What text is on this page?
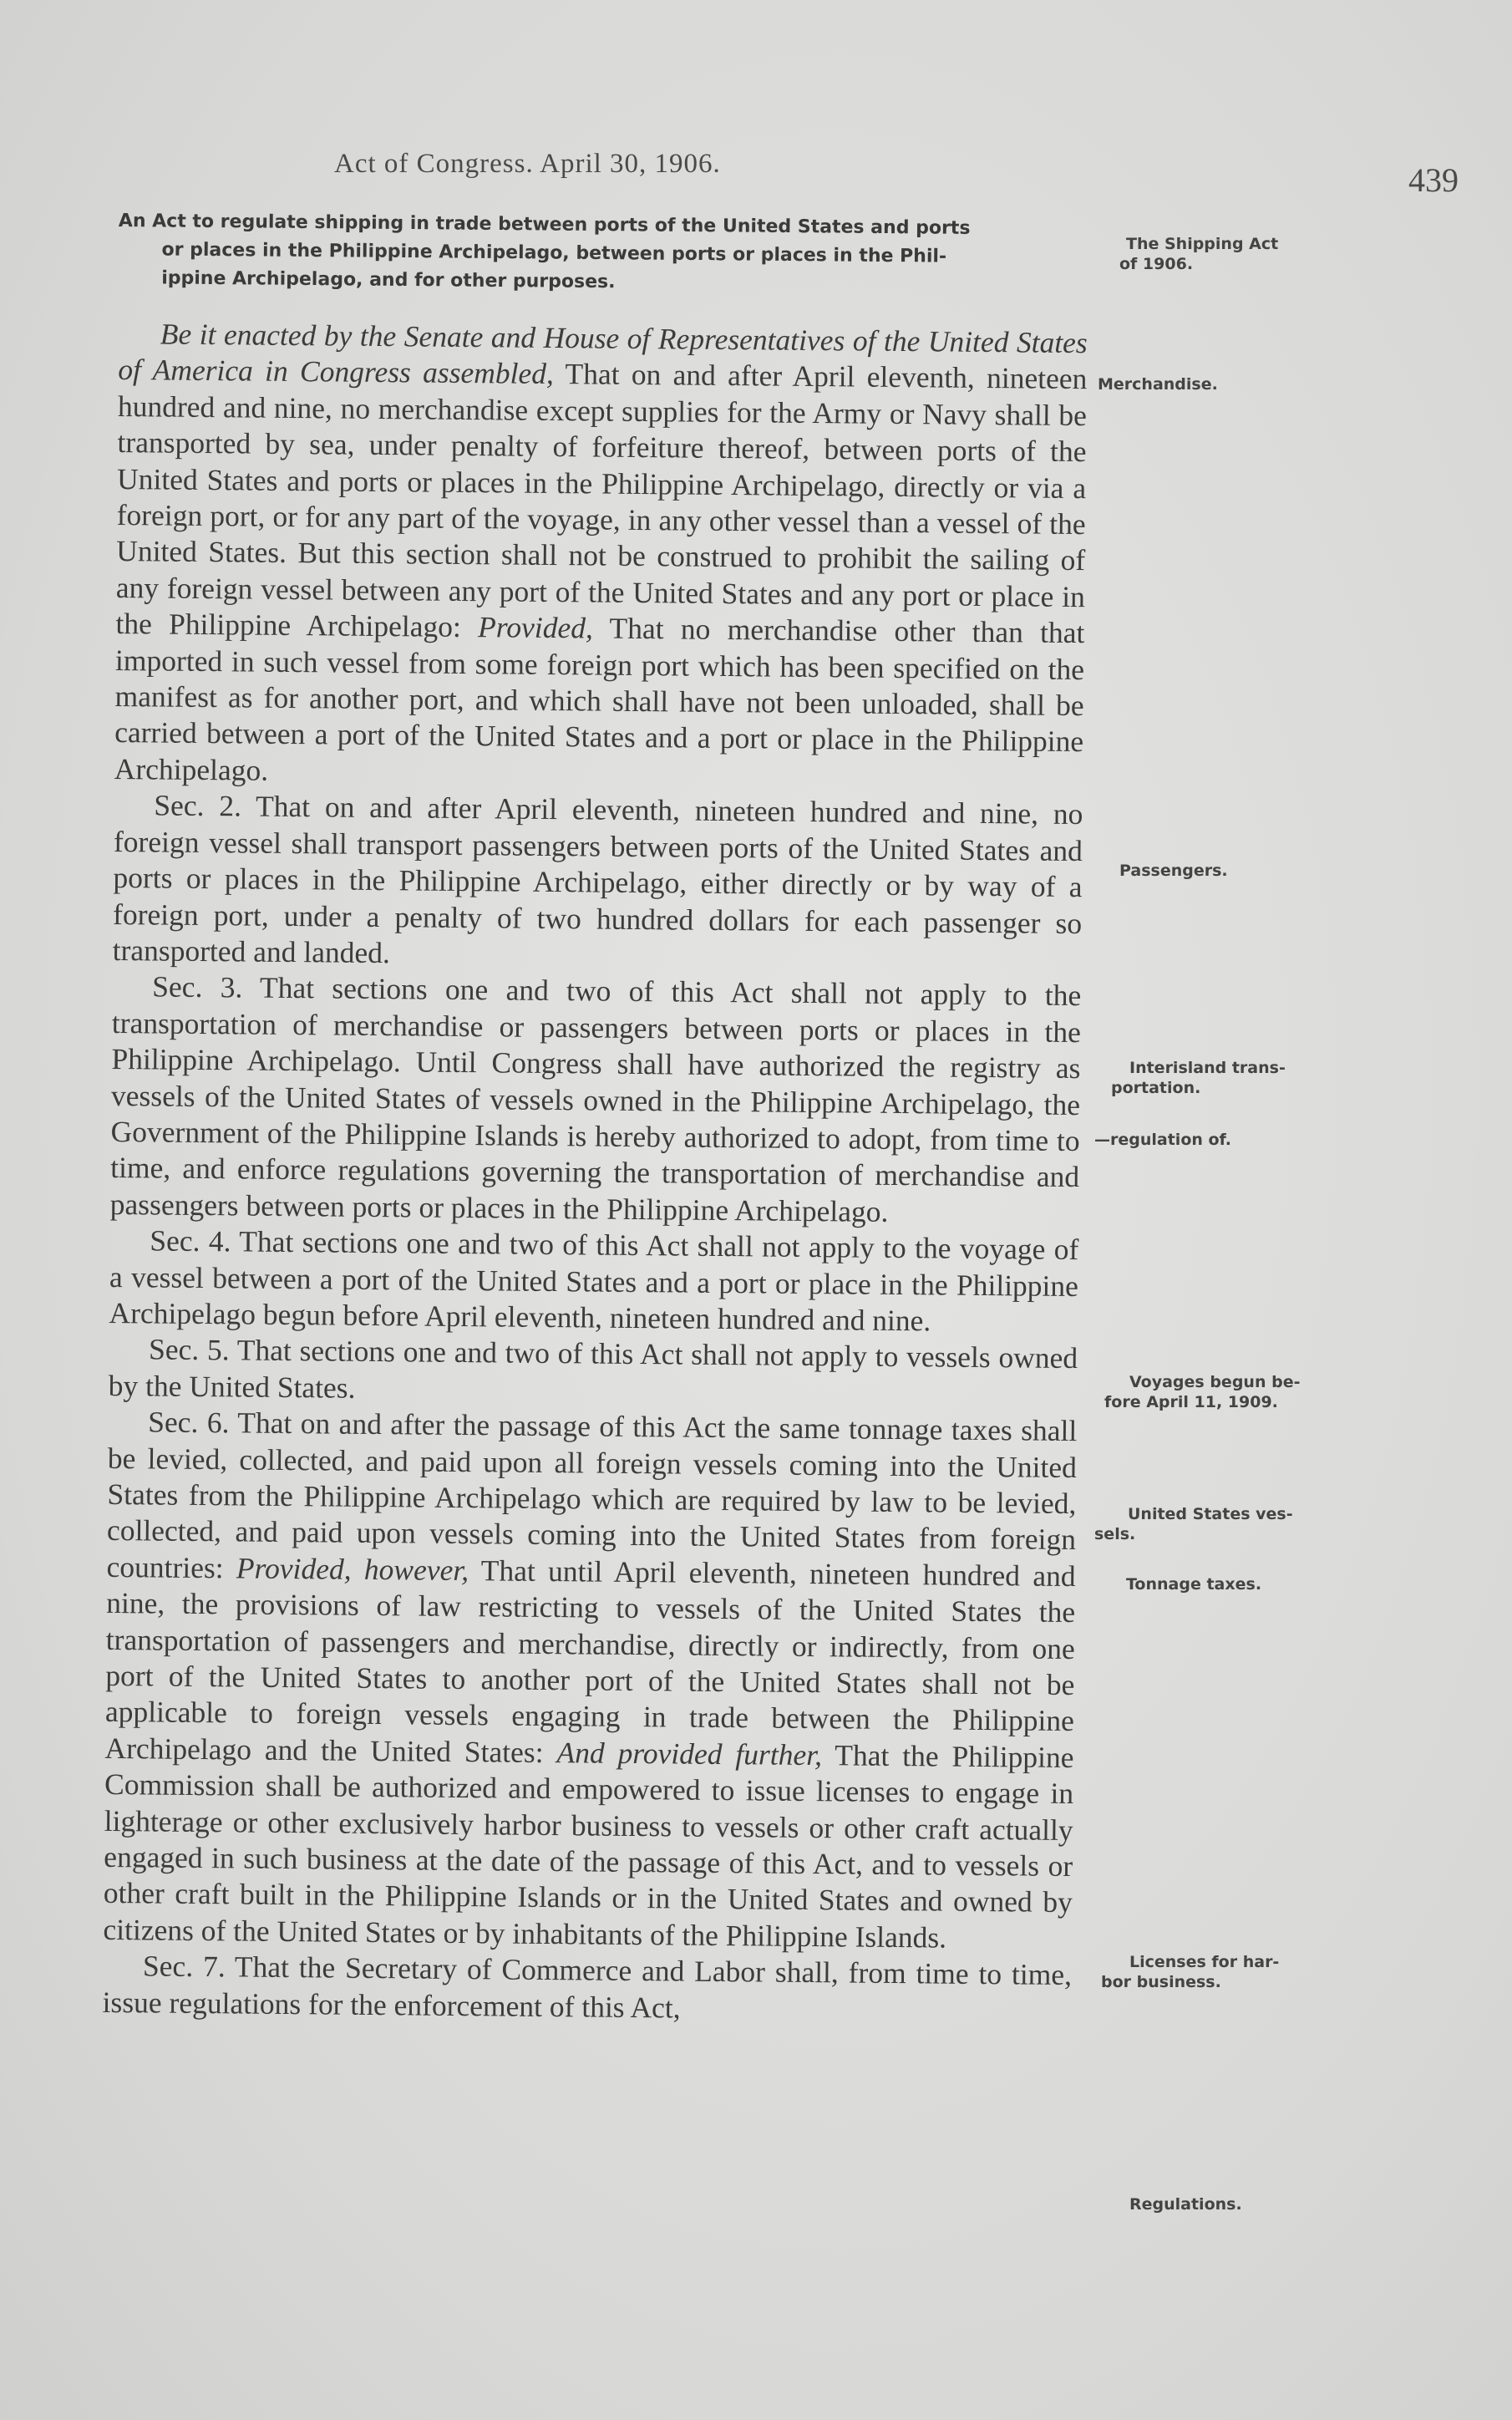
Act of Congress. April 30, 1906.	439
An Act to regulate shipping in trade between ports of the United States and ports
or places in the Philippine Archipelago, between ports or places in the Phil-
ippine Archipelago, and for other purposes.

Be it enacted by the Senate and House of Representatives of the United States of America in Congress assembled, That on and after April eleventh, nineteen hundred and nine, no merchandise except supplies for the Army or Navy shall be transported by sea, under penalty of forfeiture thereof, between ports of the United States and ports or places in the Philippine Archipelago, directly or via a foreign port, or for any part of the voyage, in any other vessel than a vessel of the United States. But this section shall not be construed to prohibit the sailing of any foreign vessel between any port of the United States and any port or place in the Philippine Archipelago: Provided, That no merchandise other than that imported in such vessel from some foreign port which has been specified on the manifest as for another port, and which shall have not been unloaded, shall be carried between a port of the United States and a port or place in the Philippine Archipelago.

Sec. 2. That on and after April eleventh, nineteen hundred and nine, no foreign vessel shall transport passengers between ports of the United States and ports or places in the Philippine Archipelago, either directly or by way of a foreign port, under a penalty of two hundred dollars for each passenger so transported and landed.

Sec. 3. That sections one and two of this Act shall not apply to the transportation of merchandise or passengers between ports or places in the Philippine Archipelago. Until Congress shall have authorized the registry as vessels of the United States of vessels owned in the Philippine Archipelago, the Government of the Philippine Islands is hereby authorized to adopt, from time to time, and enforce regulations governing the transportation of merchandise and passengers between ports or places in the Philippine Archipelago.

Sec. 4. That sections one and two of this Act shall not apply to the voyage of a vessel between a port of the United States and a port or place in the Philippine Archipelago begun before April eleventh, nineteen hundred and nine.

Sec. 5. That sections one and two of this Act shall not apply to vessels owned by the United States.

Sec. 6. That on and after the passage of this Act the same tonnage taxes shall be levied, collected, and paid upon all foreign vessels coming into the United States from the Philippine Archipelago which are required by law to be levied, collected, and paid upon vessels coming into the United States from foreign countries: Provided, however, That until April eleventh, nineteen hundred and nine, the provisions of law restricting to vessels of the United States the transportation of passengers and merchandise, directly or indirectly, from one port of the United States to another port of the United States shall not be applicable to foreign vessels engaging in trade between the Philippine Archipelago and the United States: And provided further, That the Philippine Commission shall be authorized and empowered to issue licenses to engage in lighterage or other exclusively harbor business to vessels or other craft actually engaged in such business at the date of the passage of this Act, and to vessels or other craft built in the Philippine Islands or in the United States and owned by citizens of the United States or by inhabitants of the Philippine Islands.

Sec. 7. That the Secretary of Commerce and Labor shall, from time to time, issue regulations for the enforcement of this Act,

The Shipping Act
of 1906.
Merchandise.
Passengers.
Interisland trans-
portation.
—regulation of.
Voyages begun be-
fore April 11, 1909.
United States ves-
sels.
Tonnage taxes.
Licenses for har-
bor business.
Regulations.
